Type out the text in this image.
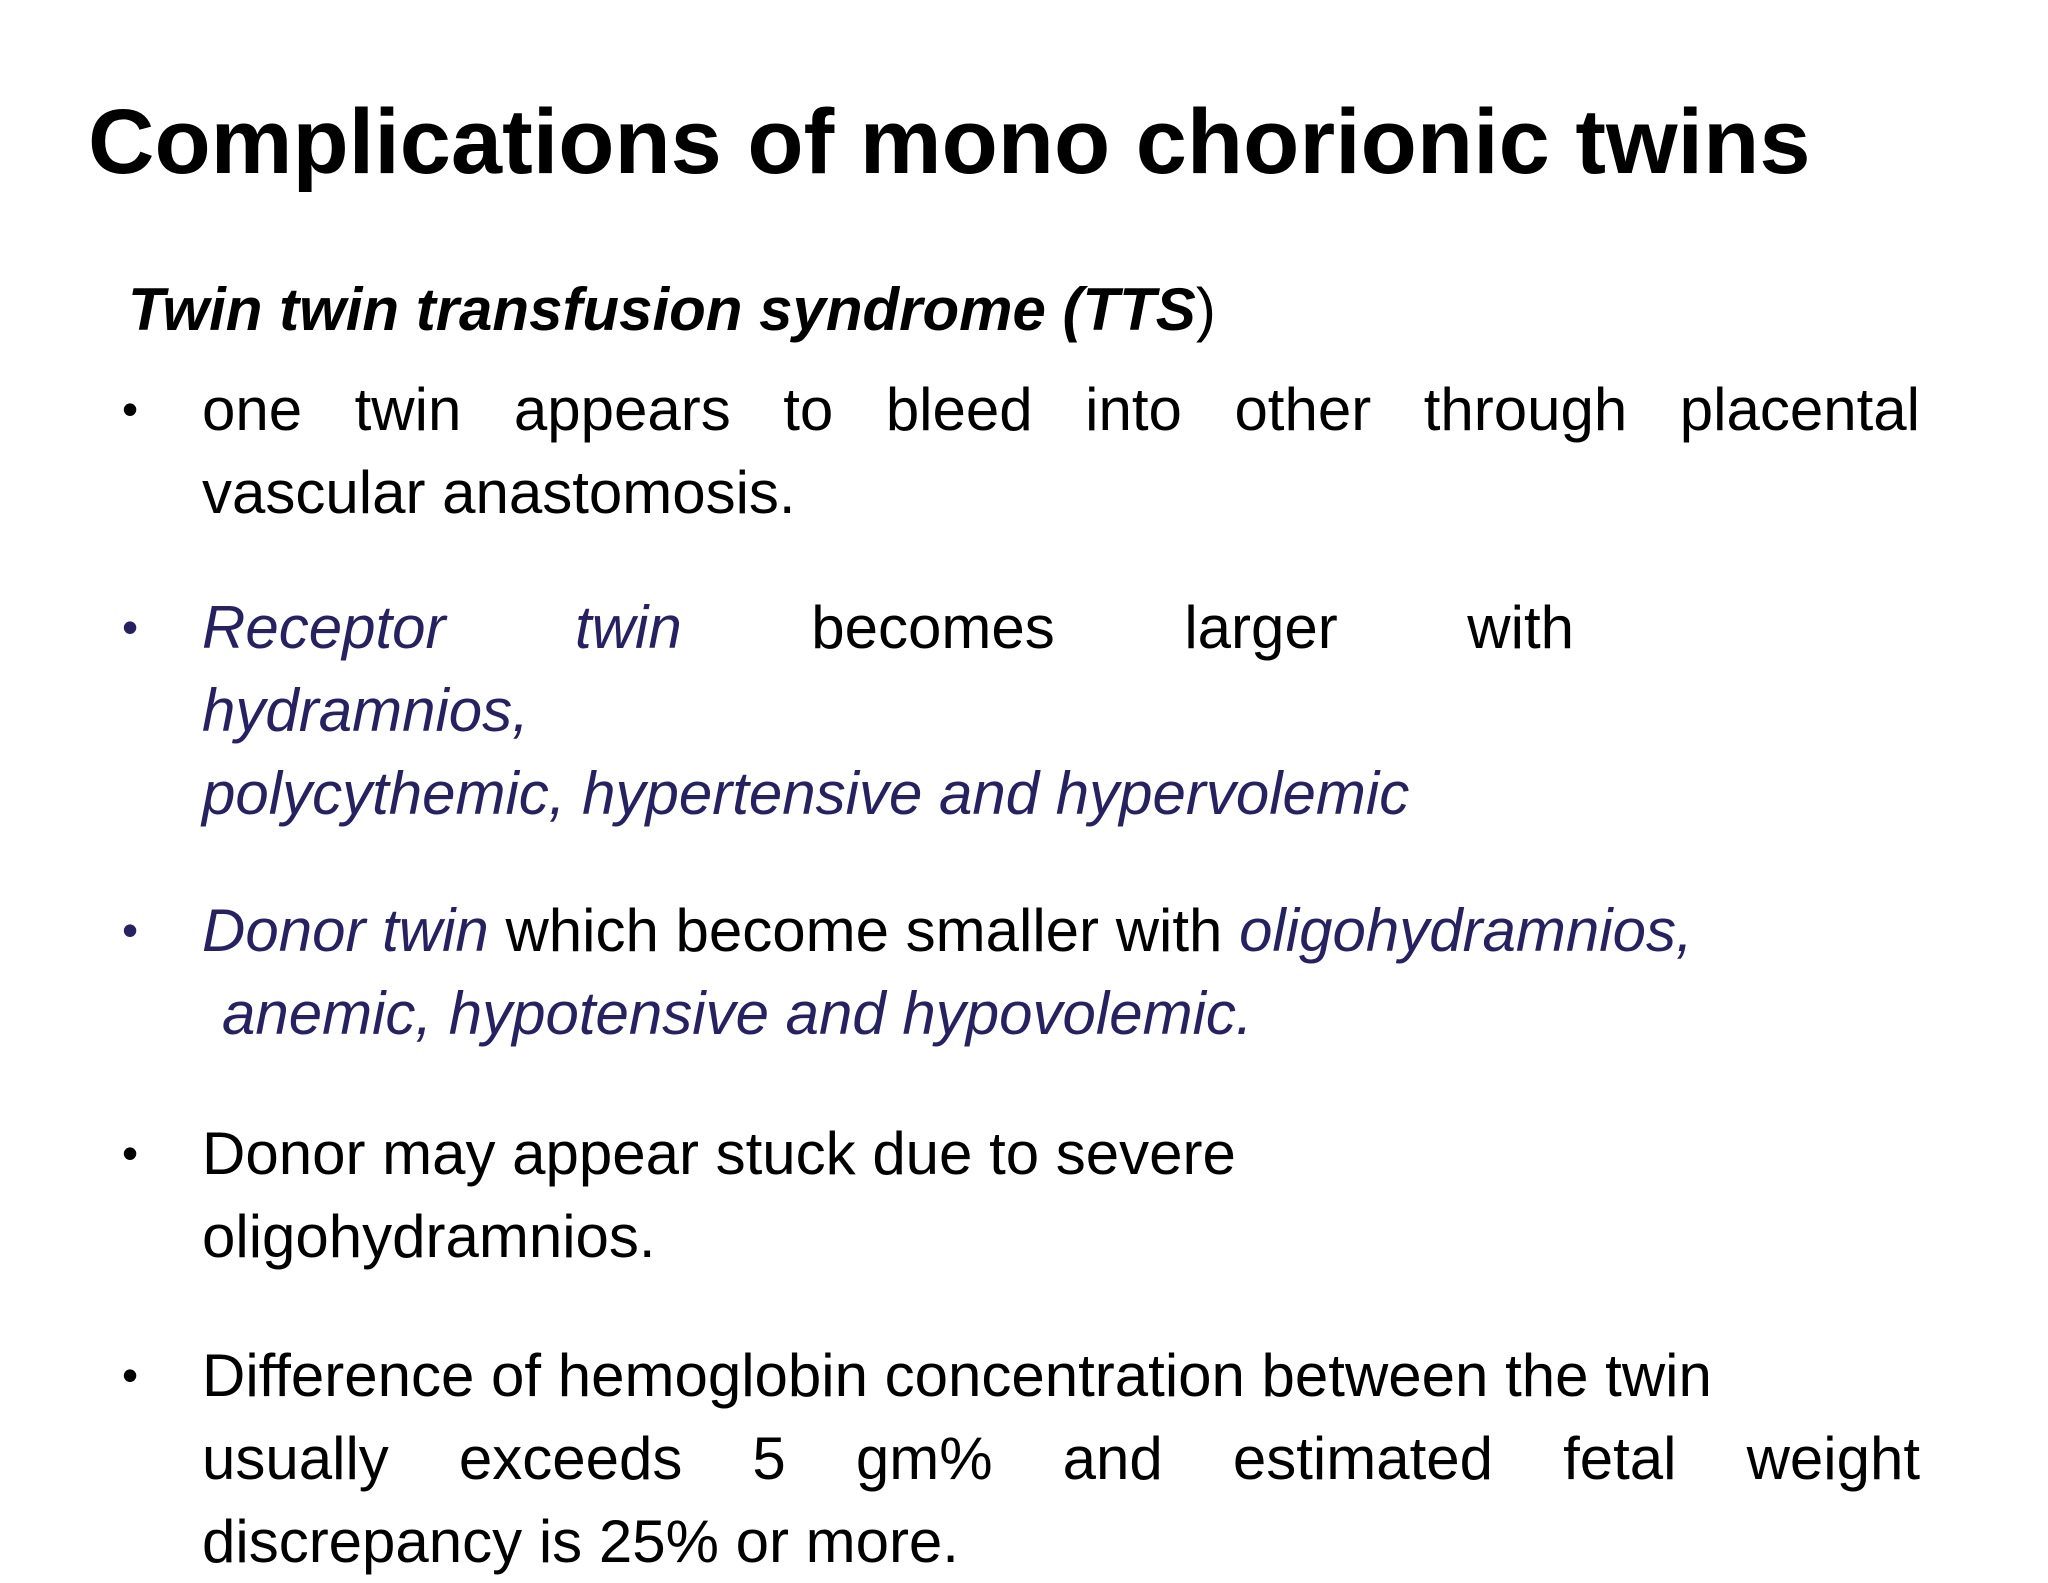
Complications of mono chorionic twins
Twin twin transfusion syndrome (TTS)
• one twin appears to bleed into other through placental
vascular anastomosis.
• Receptor twin becomes larger with
hydramnios,
polycythemic, hypertensive and hypervolemic
• Donor twin which become smaller with oligohydramnios,
anemic, hypotensive and hypovolemic.
• Donor may appear stuck due to severe
oligohydramnios.
• Difference of hemoglobin concentration between the twin
usually exceeds 5 gm% and estimated fetal weight
discrepancy is 25% or more.
